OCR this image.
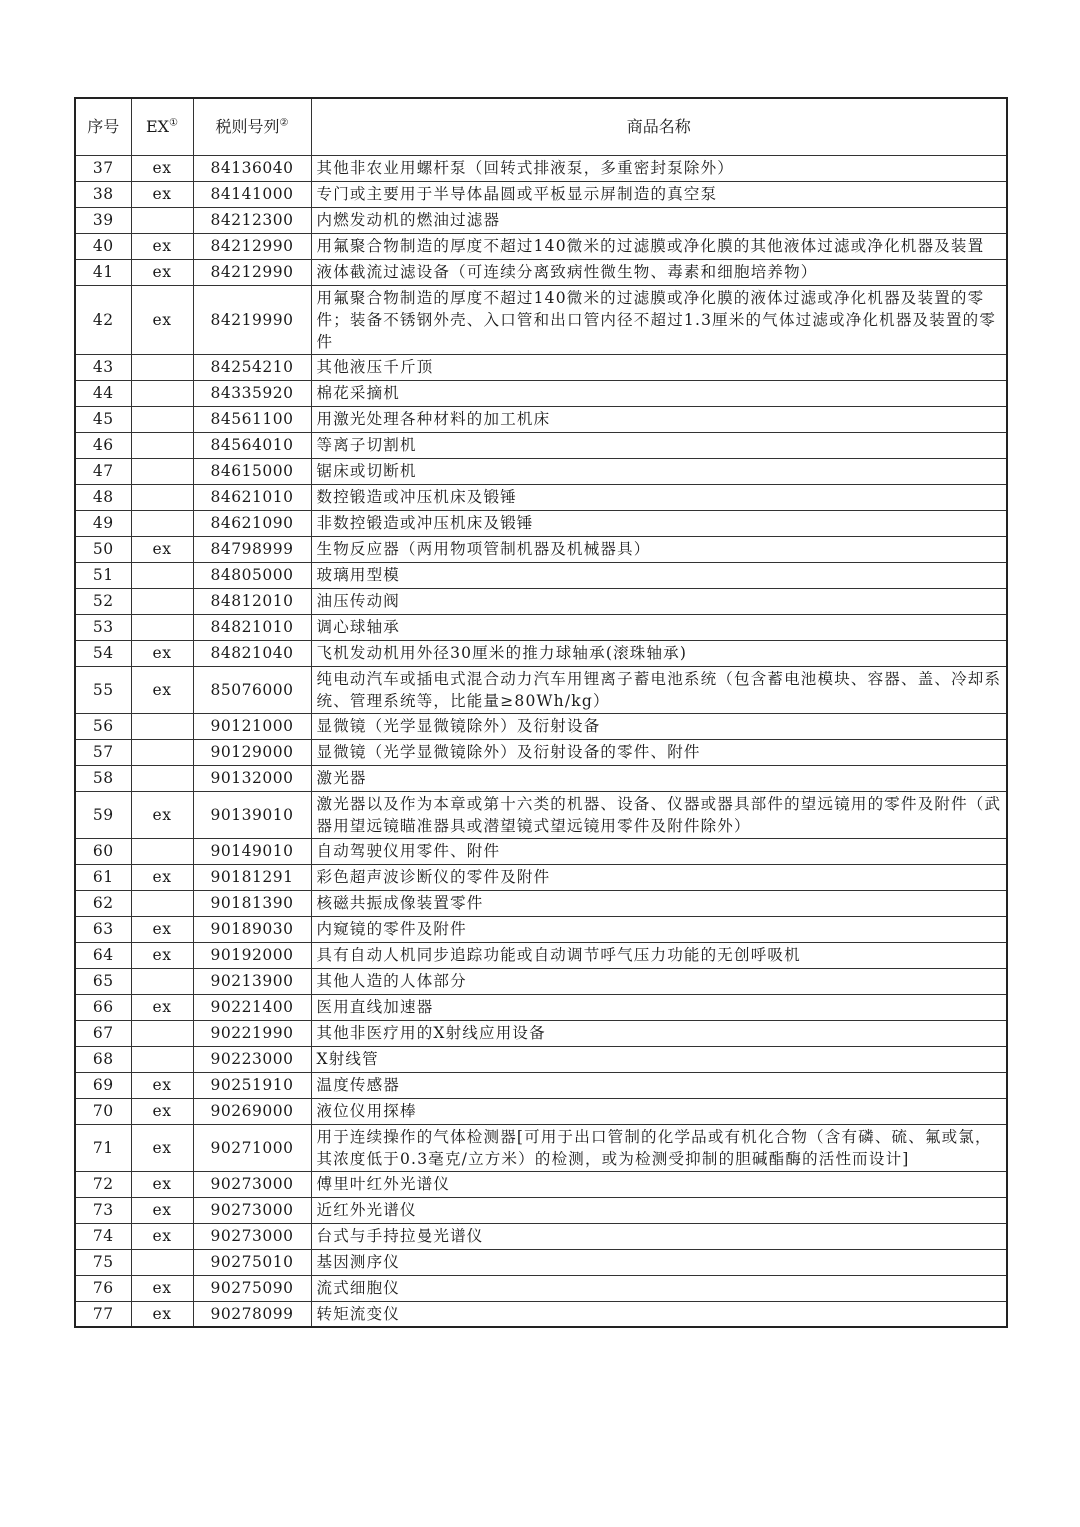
序号	EX①	税则号列②	商品名称
37	ex	84136040	其他非农业用螺杆泵（回转式排液泵，多重密封泵除外）
38	ex	84141000	专门或主要用于半导体晶圆或平板显示屏制造的真空泵
39		84212300	内燃发动机的燃油过滤器
40	ex	84212990	用氟聚合物制造的厚度不超过140微米的过滤膜或净化膜的其他液体过滤或净化机器及装置
41	ex	84212990	液体截流过滤设备（可连续分离致病性微生物、毒素和细胞培养物）
42	ex	84219990	用氟聚合物制造的厚度不超过140微米的过滤膜或净化膜的液体过滤或净化机器及装置的零件；装备不锈钢外壳、入口管和出口管内径不超过1.3厘米的气体过滤或净化机器及装置的零件
43		84254210	其他液压千斤顶
44		84335920	棉花采摘机
45		84561100	用激光处理各种材料的加工机床
46		84564010	等离子切割机
47		84615000	锯床或切断机
48		84621010	数控锻造或冲压机床及锻锤
49		84621090	非数控锻造或冲压机床及锻锤
50	ex	84798999	生物反应器（两用物项管制机器及机械器具）
51		84805000	玻璃用型模
52		84812010	油压传动阀
53		84821010	调心球轴承
54	ex	84821040	飞机发动机用外径30厘米的推力球轴承(滚珠轴承)
55	ex	85076000	纯电动汽车或插电式混合动力汽车用锂离子蓄电池系统（包含蓄电池模块、容器、盖、冷却系统、管理系统等，比能量≥80Wh/kg）
56		90121000	显微镜（光学显微镜除外）及衍射设备
57		90129000	显微镜（光学显微镜除外）及衍射设备的零件、附件
58		90132000	激光器
59	ex	90139010	激光器以及作为本章或第十六类的机器、设备、仪器或器具部件的望远镜用的零件及附件（武器用望远镜瞄准器具或潜望镜式望远镜用零件及附件除外）
60		90149010	自动驾驶仪用零件、附件
61	ex	90181291	彩色超声波诊断仪的零件及附件
62		90181390	核磁共振成像装置零件
63	ex	90189030	内窥镜的零件及附件
64	ex	90192000	具有自动人机同步追踪功能或自动调节呼气压力功能的无创呼吸机
65		90213900	其他人造的人体部分
66	ex	90221400	医用直线加速器
67		90221990	其他非医疗用的X射线应用设备
68		90223000	X射线管
69	ex	90251910	温度传感器
70	ex	90269000	液位仪用探棒
71	ex	90271000	用于连续操作的气体检测器[可用于出口管制的化学品或有机化合物（含有磷、硫、氟或氯，其浓度低于0.3毫克/立方米）的检测，或为检测受抑制的胆碱酯酶的活性而设计]
72	ex	90273000	傅里叶红外光谱仪
73	ex	90273000	近红外光谱仪
74	ex	90273000	台式与手持拉曼光谱仪
75		90275010	基因测序仪
76	ex	90275090	流式细胞仪
77	ex	90278099	转矩流变仪
